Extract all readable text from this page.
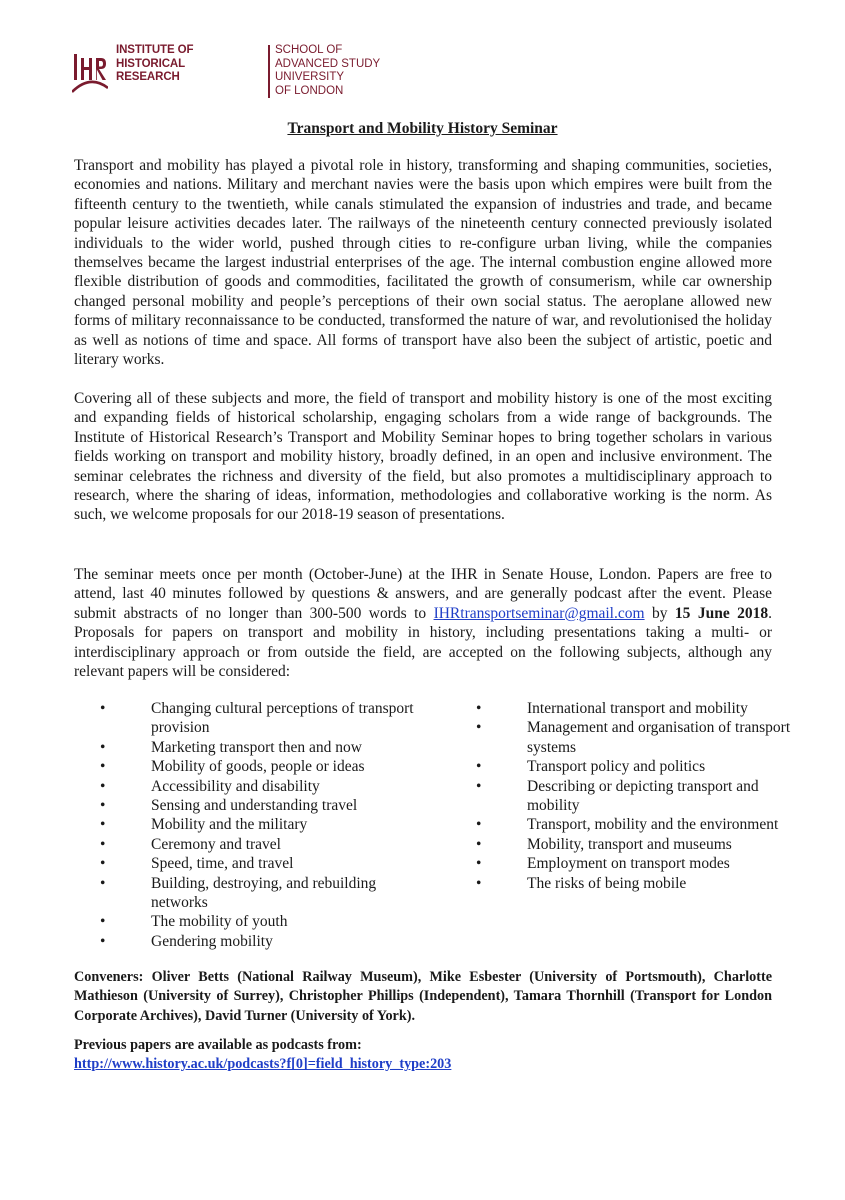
INSTITUTE OF
HISTORICAL
RESEARCH
SCHOOL OF
ADVANCED STUDY
UNIVERSITY
OF LONDON
Transport and Mobility History Seminar

Transport and mobility has played a pivotal role in history, transforming and shaping communities, societies, economies and nations. Military and merchant navies were the basis upon which empires were built from the fifteenth century to the twentieth, while canals stimulated the expansion of industries and trade, and became popular leisure activities decades later. The railways of the nineteenth century connected previously isolated individuals to the wider world, pushed through cities to re-configure urban living, while the companies themselves became the largest industrial enterprises of the age. The internal combustion engine allowed more flexible distribution of goods and commodities, facilitated the growth of consumerism, while car ownership changed personal mobility and people’s perceptions of their own social status. The aeroplane allowed new forms of military reconnaissance to be conducted, transformed the nature of war, and revolutionised the holiday as well as notions of time and space. All forms of transport have also been the subject of artistic, poetic and literary works.

Covering all of these subjects and more, the field of transport and mobility history is one of the most exciting and expanding fields of historical scholarship, engaging scholars from a wide range of backgrounds. The Institute of Historical Research’s Transport and Mobility Seminar hopes to bring together scholars in various fields working on transport and mobility history, broadly defined, in an open and inclusive environment. The seminar celebrates the richness and diversity of the field, but also promotes a multidisciplinary approach to research, where the sharing of ideas, information, methodologies and collaborative working is the norm. As such, we welcome proposals for our 2018-19 season of presentations.

The seminar meets once per month (October-June) at the IHR in Senate House, London. Papers are free to attend, last 40 minutes followed by questions & answers, and are generally podcast after the event. Please submit abstracts of no longer than 300-500 words to IHRtransportseminar@gmail.com by 15 June 2018. Proposals for papers on transport and mobility in history, including presentations taking a multi- or interdisciplinary approach or from outside the field, are accepted on the following subjects, although any relevant papers will be considered:

• Changing cultural perceptions of transport provision
• Marketing transport then and now
• Mobility of goods, people or ideas
• Accessibility and disability
• Sensing and understanding travel
• Mobility and the military
• Ceremony and travel
• Speed, time, and travel
• Building, destroying, and rebuilding networks
• The mobility of youth
• Gendering mobility
• International transport and mobility
• Management and organisation of transport systems
• Transport policy and politics
• Describing or depicting transport and mobility
• Transport, mobility and the environment
• Mobility, transport and museums
• Employment on transport modes
• The risks of being mobile

Conveners: Oliver Betts (National Railway Museum), Mike Esbester (University of Portsmouth), Charlotte Mathieson (University of Surrey), Christopher Phillips (Independent), Tamara Thornhill (Transport for London Corporate Archives), David Turner (University of York).

Previous papers are available as podcasts from:
http://www.history.ac.uk/podcasts?f[0]=field_history_type:203
